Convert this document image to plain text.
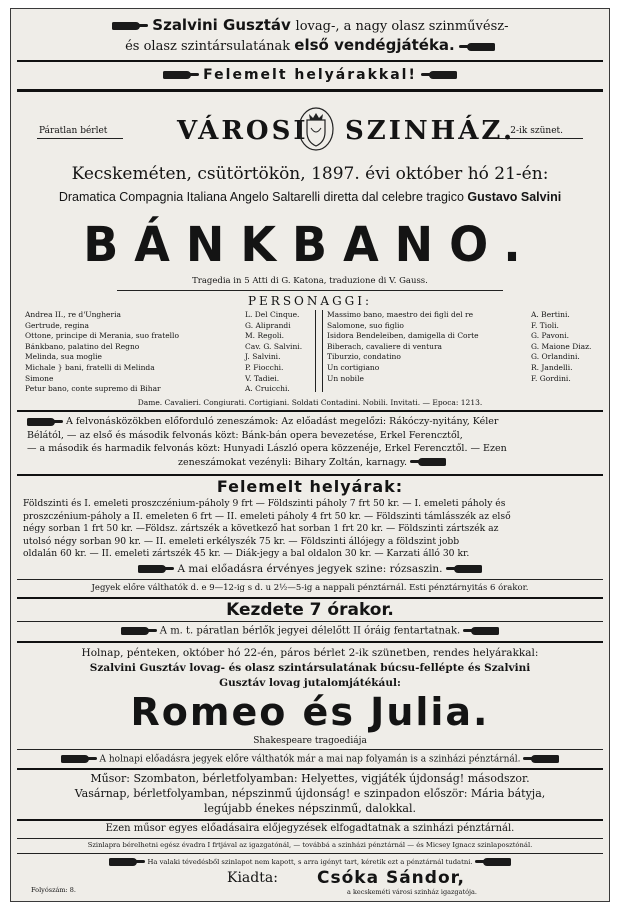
Szalvini Gusztáv lovag-, a nagy olasz szinművész-
és olasz szintársulatának első vendégjátéka.
Felemelt helyárakkal!
Páratlan bérlet	2-ik szünet.
VÁROSI	SZINHÁZ.
Kecskeméten, csütörtökön, 1897. évi október hó 21-én:
Dramatica Compagnia Italiana Angelo Saltarelli diretta dal celebre tragico Gustavo Salvini
BÁNKBANO.
Tragedia in 5 Atti di G. Katona, traduzione di V. Gauss.
PERSONAGGI:
Andrea II., re d'Ungheria	L. Del Cinque.
Gertrude, regina	G. Aliprandi
Ottone, principe di Merania, suo fratello	M. Regoli.
Bánkbano, palatino del Regno	Cav. G. Salvini.
Melinda, sua moglie	J. Salvini.
Michale } bani, fratelli di Melinda	P. Fiocchi.
Simone	V. Tadiei.
Petur bano, conte supremo di Bihar	A. Cruicchi.
Massimo bano, maestro dei figli del re	A. Bertini.
Salomone, suo figlio	F. Tioli.
Isidora Bendeleiben, damigella di Corte	G. Pavoni.
Biberach, cavaliere di ventura	G. Maione Diaz.
Tiburzio, condatino	G. Orlandini.
Un cortigiano	R. Jandelli.
Un nobile	F. Gordini.
Dame. Cavalieri. Congiurati. Cortigiani. Soldati Contadini. Nobili. Invitati. — Epoca: 1213.
A felvonásközökben előforduló zeneszámok: Az előadást megelőzi: Rákóczy-nyitány, Kéler
Bélától, — az első és második felvonás közt: Bánk-bán opera bevezetése, Erkel Ferencztől,
— a második és harmadik felvonás közt: Hunyadi László opera közzenéje, Erkel Ferencztől. — Ezen
zeneszámokat vezényli: Bihary Zoltán, karnagy.
Felemelt helyárak:
Földszinti és I. emeleti proszczénium-páholy 9 frt — Földszinti páholy 7 frt 50 kr. — I. emeleti páholy és
proszczénium-páholy a II. emeleten 6 frt — II. emeleti páholy 4 frt 50 kr. — Földszinti támlásszék az első
négy sorban 1 frt 50 kr. —Földsz. zártszék a következő hat sorban 1 frt 20 kr. — Földszinti zártszék az
utolsó négy sorban 90 kr. — II. emeleti erkélyszék 75 kr. — Földszinti állójegy a földszint jobb
oldalán 60 kr. — II. emeleti zártszék 45 kr. — Diák-jegy a bal oldalon 30 kr. — Karzati álló 30 kr.
A mai előadásra érvényes jegyek szine: rózsaszin.
Jegyek előre válthatók d. e 9—12-ig s d. u 2½—5-ig a nappali pénztárnál. Esti pénztárnyitás 6 órakor.
Kezdete 7 órakor.
A m. t. páratlan bérlők jegyei délelőtt II óráig fentartatnak.
Holnap, pénteken, október hó 22-én, páros bérlet 2-ik szünetben, rendes helyárakkal:
Szalvini Gusztáv lovag- és olasz szintársulatának búcsu-fellépte és Szalvini
Gusztáv lovag jutalomjátékául:
Romeo és Julia.
Shakespeare tragoediája
A holnapi előadásra jegyek előre válthatók már a mai nap folyamán is a szinházi pénztárnál.
Műsor: Szombaton, bérletfolyamban: Helyettes, vigjáték újdonság! másodszor.
Vasárnap, bérletfolyamban, népszinmű újdonság! e szinpadon először: Mária bátyja,
legújabb énekes népszinmű, dalokkal.
Ezen műsor egyes előadásaira előjegyzések elfogadtatnak a szinházi pénztárnál.
Szinlapra bérelhetni egész évadra I frtjával az igazgatónál, — továbbá a szinházi pénztárnál — és Micsey Ignacz szinlaposztónál.
Ha valaki tévedésből szinlapot nem kapott, s arra igényt tart, kéretik ezt a pénztárnál tudatni.
Kiadta:	Csóka Sándor,
a kecskeméti városi szinház igazgatója.
Folyószám: 8.
